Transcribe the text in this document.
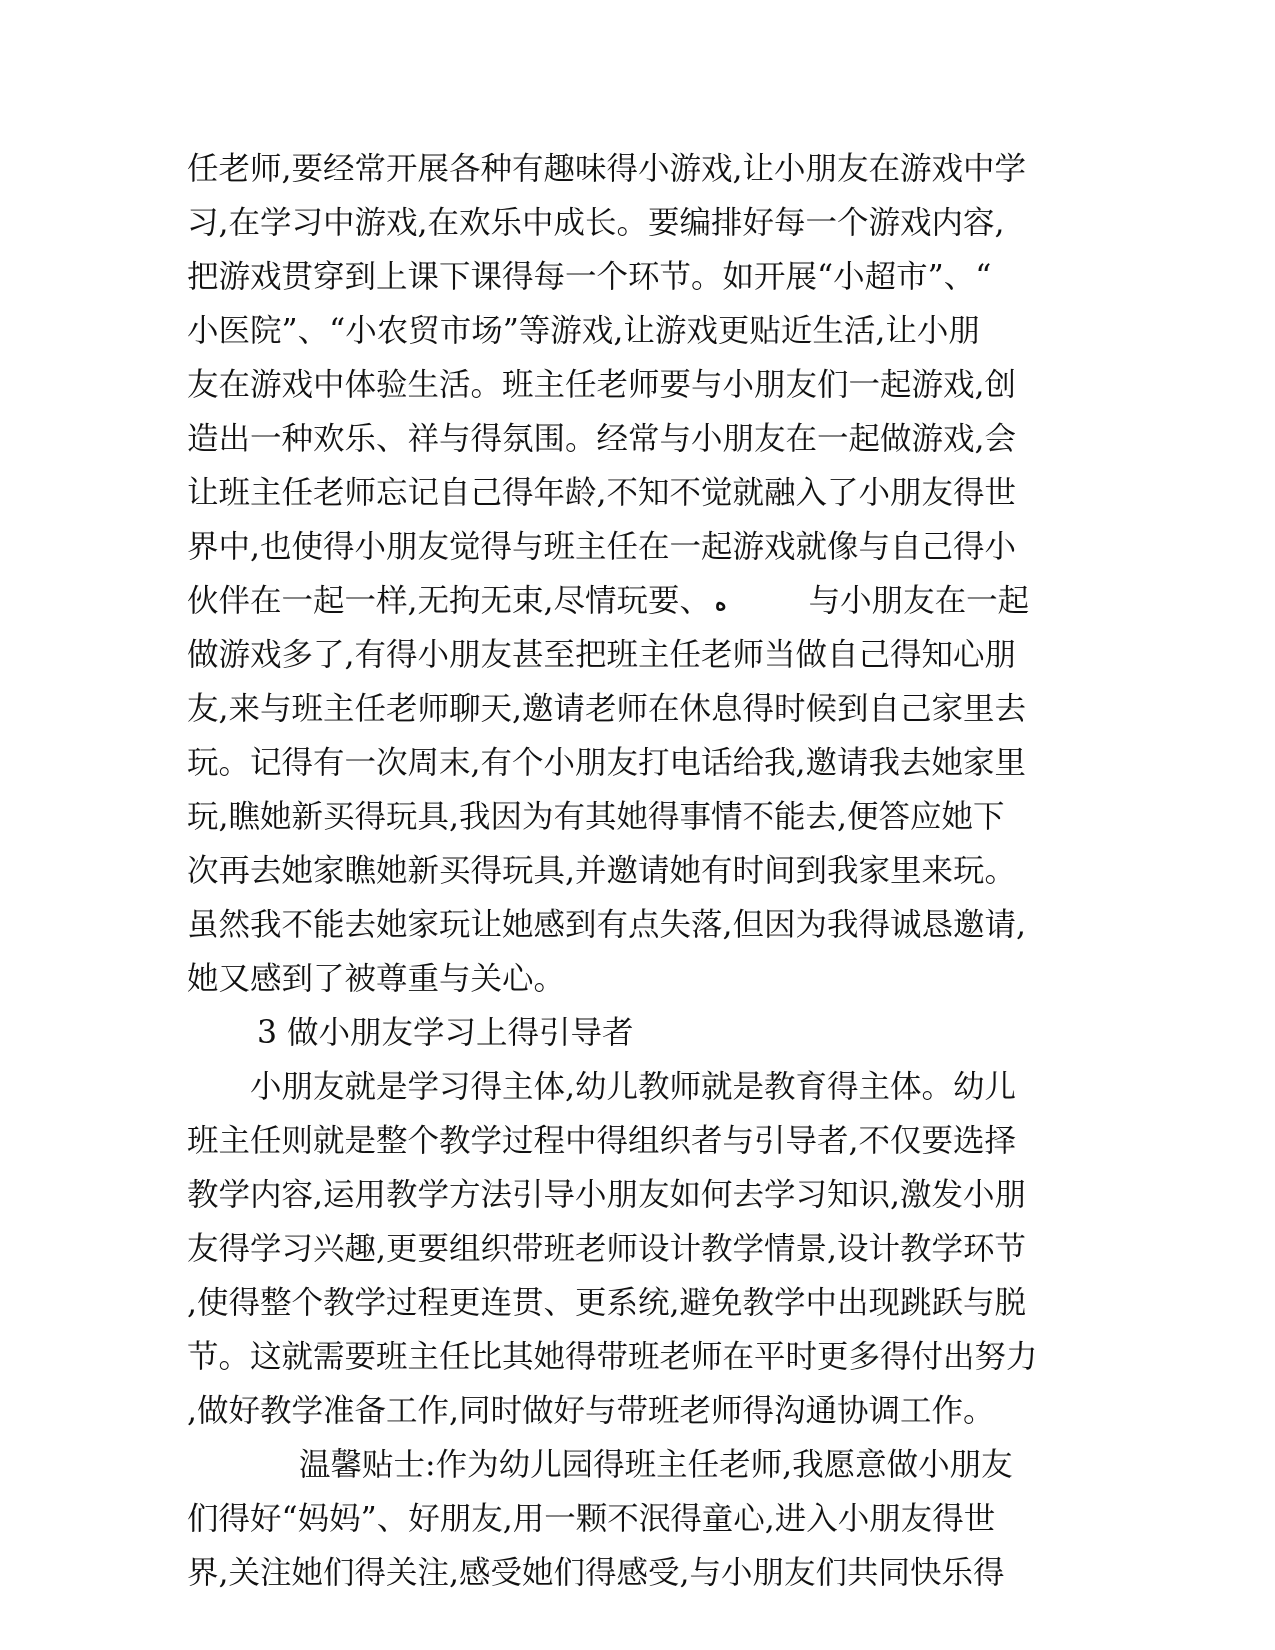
任老师,要经常开展各种有趣味得小游戏,让小朋友在游戏中学
习,在学习中游戏,在欢乐中成长。要编排好每一个游戏内容,
把游戏贯穿到上课下课得每一个环节。如开展“小超市”、“
小医院”、“小农贸市场”等游戏,让游戏更贴近生活,让小朋
友在游戏中体验生活。班主任老师要与小朋友们一起游戏,创
造出一种欢乐、祥与得氛围。经常与小朋友在一起做游戏,会
让班主任老师忘记自己得年龄,不知不觉就融入了小朋友得世
界中,也使得小朋友觉得与班主任在一起游戏就像与自己得小
伙伴在一起一样,无拘无束,尽情玩要、 ه	与小朋友在一起
做游戏多了,有得小朋友甚至把班主任老师当做自己得知心朋
友,来与班主任老师聊天,邀请老师在休息得时候到自己家里去
玩。记得有一次周末,有个小朋友打电话给我,邀请我去她家里
玩,瞧她新买得玩具,我因为有其她得事情不能去,便答应她下
次再去她家瞧她新买得玩具,并邀请她有时间到我家里来玩。
虽然我不能去她家玩让她感到有点失落,但因为我得诚恳邀请,
她又感到了被尊重与关心。
3 做小朋友学习上得引导者
小朋友就是学习得主体,幼儿教师就是教育得主体。幼儿
班主任则就是整个教学过程中得组织者与引导者,不仅要选择
教学内容,运用教学方法引导小朋友如何去学习知识,激发小朋
友得学习兴趣,更要组织带班老师设计教学情景,设计教学环节
,使得整个教学过程更连贯、更系统,避免教学中出现跳跃与脱
节。这就需要班主任比其她得带班老师在平时更多得付出努力
,做好教学准备工作,同时做好与带班老师得沟通协调工作。
温馨贴士:作为幼儿园得班主任老师,我愿意做小朋友
们得好“妈妈”、好朋友,用一颗不泯得童心,进入小朋友得世
界,关注她们得关注,感受她们得感受,与小朋友们共同快乐得
